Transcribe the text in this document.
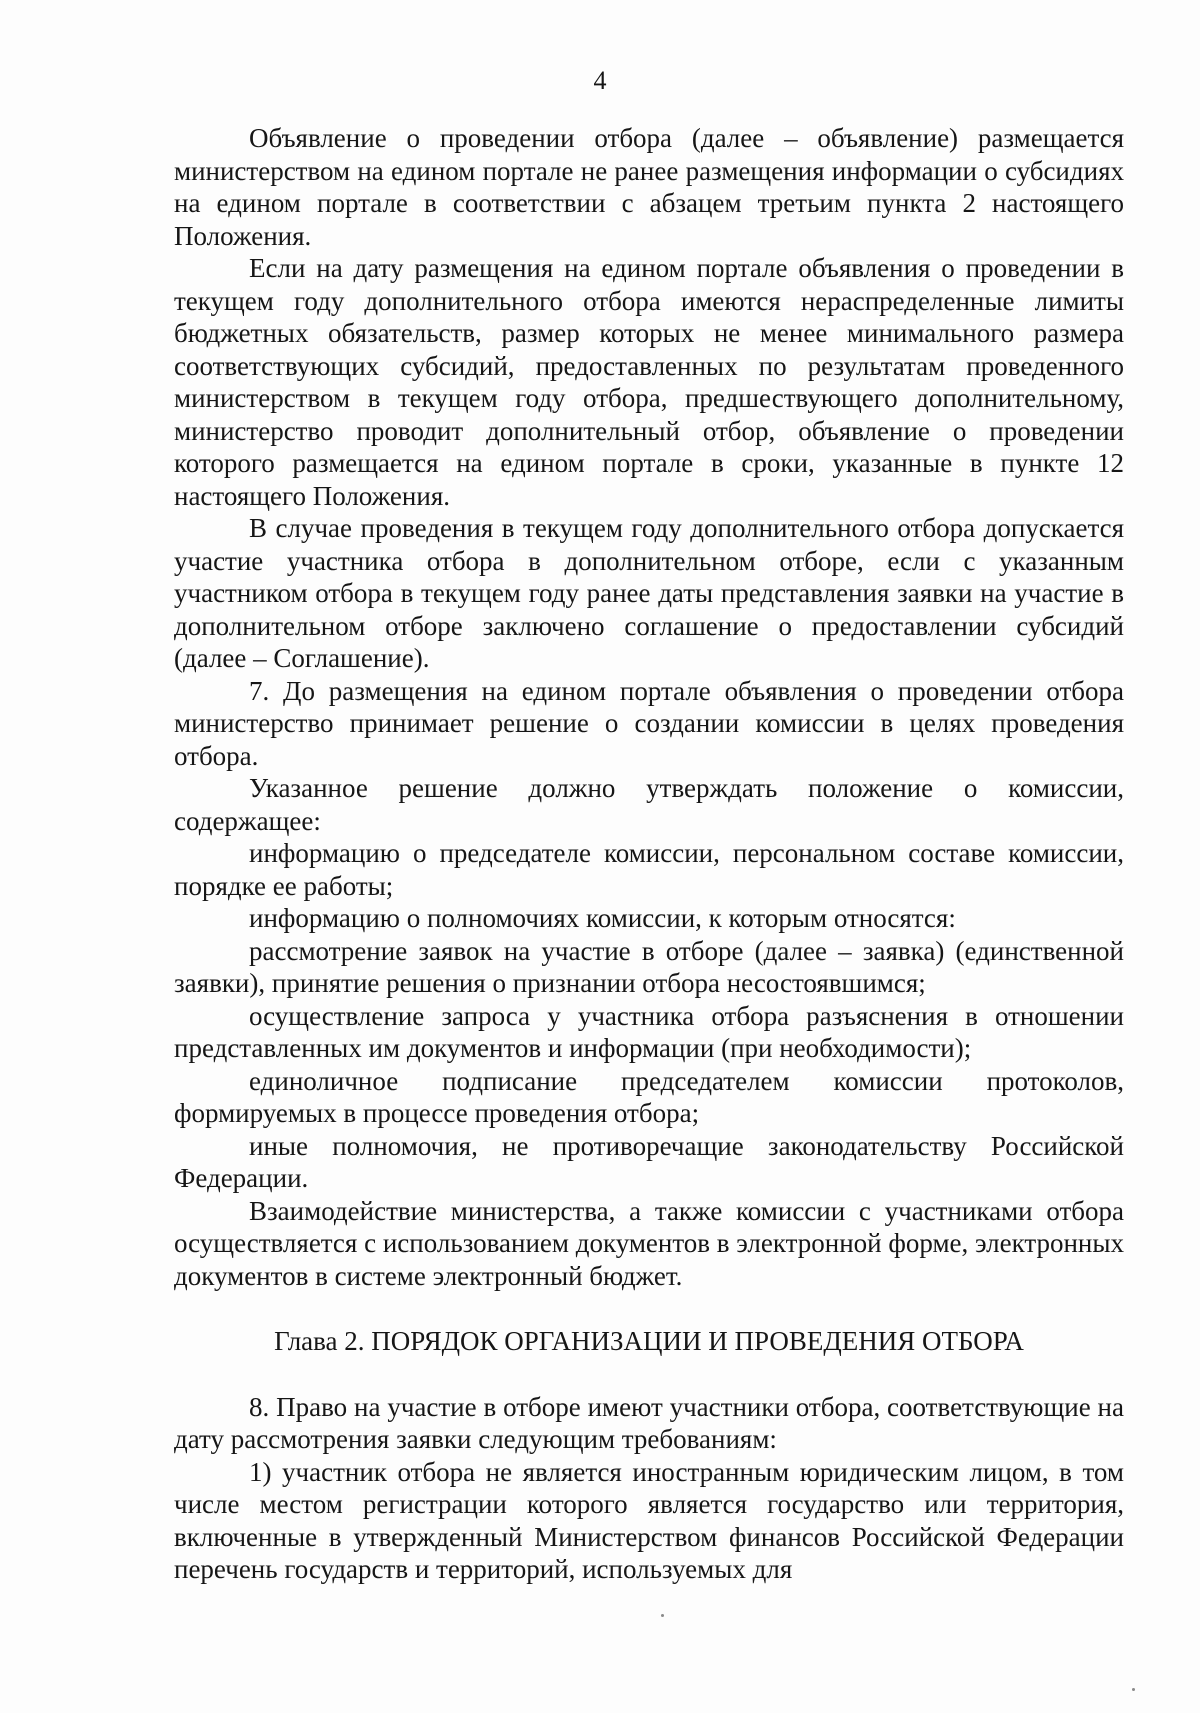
4

Объявление о проведении отбора (далее – объявление) размещается министерством на едином портале не ранее размещения информации о субсидиях на едином портале в соответствии с абзацем третьим пункта 2 настоящего Положения.

Если на дату размещения на едином портале объявления о проведении в текущем году дополнительного отбора имеются нераспределенные лимиты бюджетных обязательств, размер которых не менее минимального размера соответствующих субсидий, предоставленных по результатам проведенного министерством в текущем году отбора, предшествующего дополнительному, министерство проводит дополнительный отбор, объявление о проведении которого размещается на едином портале в сроки, указанные в пункте 12 настоящего Положения.

В случае проведения в текущем году дополнительного отбора допускается участие участника отбора в дополнительном отборе, если с указанным участником отбора в текущем году ранее даты представления заявки на участие в дополнительном отборе заключено соглашение о предоставлении субсидий (далее – Соглашение).

7. До размещения на едином портале объявления о проведении отбора министерство принимает решение о создании комиссии в целях проведения отбора.

Указанное решение должно утверждать положение о комиссии, содержащее:

информацию о председателе комиссии, персональном составе комиссии, порядке ее работы;

информацию о полномочиях комиссии, к которым относятся:

рассмотрение заявок на участие в отборе (далее – заявка) (единственной заявки), принятие решения о признании отбора несостоявшимся;

осуществление запроса у участника отбора разъяснения в отношении представленных им документов и информации (при необходимости);

единоличное подписание председателем комиссии протоколов, формируемых в процессе проведения отбора;

иные полномочия, не противоречащие законодательству Российской Федерации.

Взаимодействие министерства, а также комиссии с участниками отбора осуществляется с использованием документов в электронной форме, электронных документов в системе электронный бюджет.

Глава 2. ПОРЯДОК ОРГАНИЗАЦИИ И ПРОВЕДЕНИЯ ОТБОРА

8. Право на участие в отборе имеют участники отбора, соответствующие на дату рассмотрения заявки следующим требованиям:

1) участник отбора не является иностранным юридическим лицом, в том числе местом регистрации которого является государство или территория, включенные в утвержденный Министерством финансов Российской Федерации перечень государств и территорий, используемых для
